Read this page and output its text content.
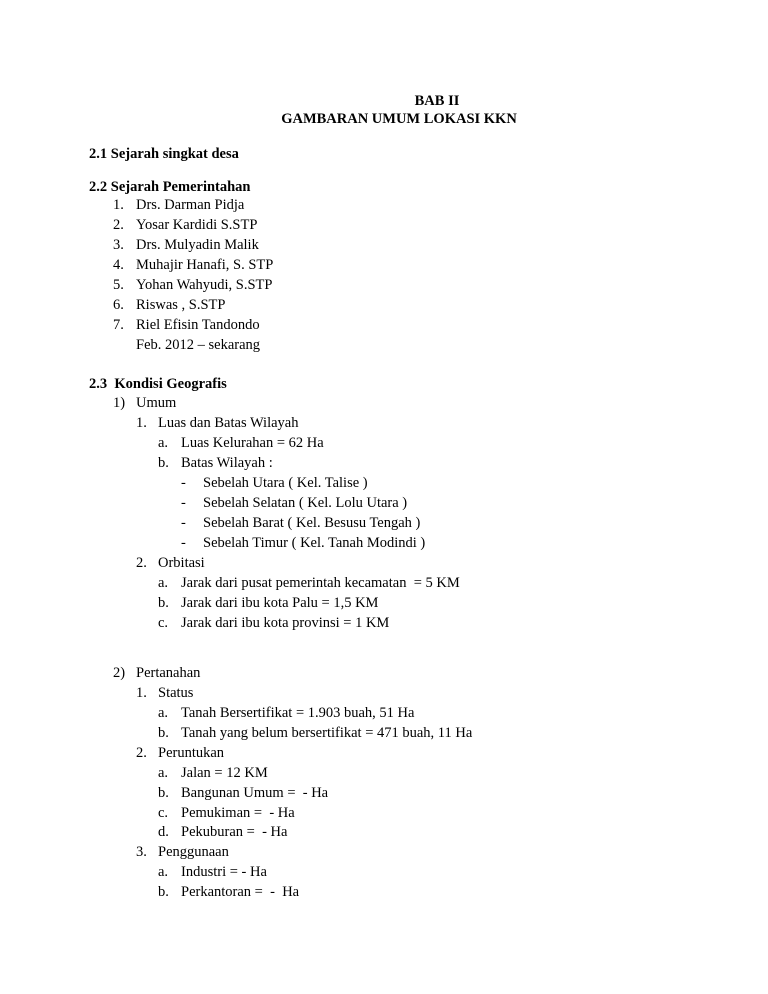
BAB II
GAMBARAN UMUM LOKASI KKN
2.1 Sejarah singkat desa
2.2 Sejarah Pemerintahan
1. Drs. Darman Pidja
2. Yosar Kardidi S.STP
3. Drs. Mulyadin Malik
4. Muhajir Hanafi, S. STP
5. Yohan Wahyudi, S.STP
6. Riswas , S.STP
7. Riel Efisin Tandondo
Feb. 2012 – sekarang
2.3  Kondisi Geografis
1) Umum
1. Luas dan Batas Wilayah
a. Luas Kelurahan = 62 Ha
b. Batas Wilayah :
- Sebelah Utara ( Kel. Talise )
- Sebelah Selatan ( Kel. Lolu Utara )
- Sebelah Barat ( Kel. Besusu Tengah )
- Sebelah Timur ( Kel. Tanah Modindi )
2. Orbitasi
a. Jarak dari pusat pemerintah kecamatan  = 5 KM
b. Jarak dari ibu kota Palu = 1,5 KM
c. Jarak dari ibu kota provinsi = 1 KM
2) Pertanahan
1. Status
a. Tanah Bersertifikat = 1.903 buah, 51 Ha
b. Tanah yang belum bersertifikat = 471 buah, 11 Ha
2. Peruntukan
a. Jalan = 12 KM
b. Bangunan Umum =  - Ha
c. Pemukiman =  - Ha
d. Pekuburan =  - Ha
3. Penggunaan
a. Industri = - Ha
b. Perkantoran =  -  Ha
